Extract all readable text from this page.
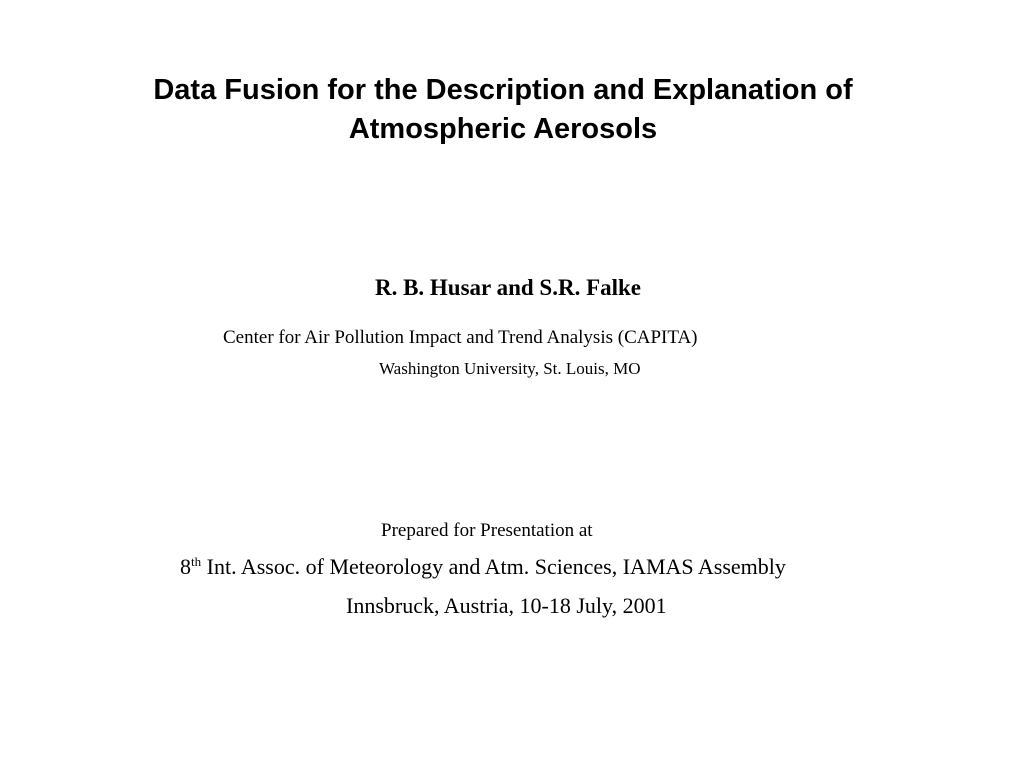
Data Fusion for the Description and Explanation of
Atmospheric Aerosols
R. B. Husar and S.R. Falke
Center for Air Pollution Impact and Trend Analysis (CAPITA)
Washington University, St. Louis, MO
Prepared for Presentation at
8th Int. Assoc. of Meteorology and Atm. Sciences, IAMAS Assembly
Innsbruck, Austria, 10-18 July, 2001
